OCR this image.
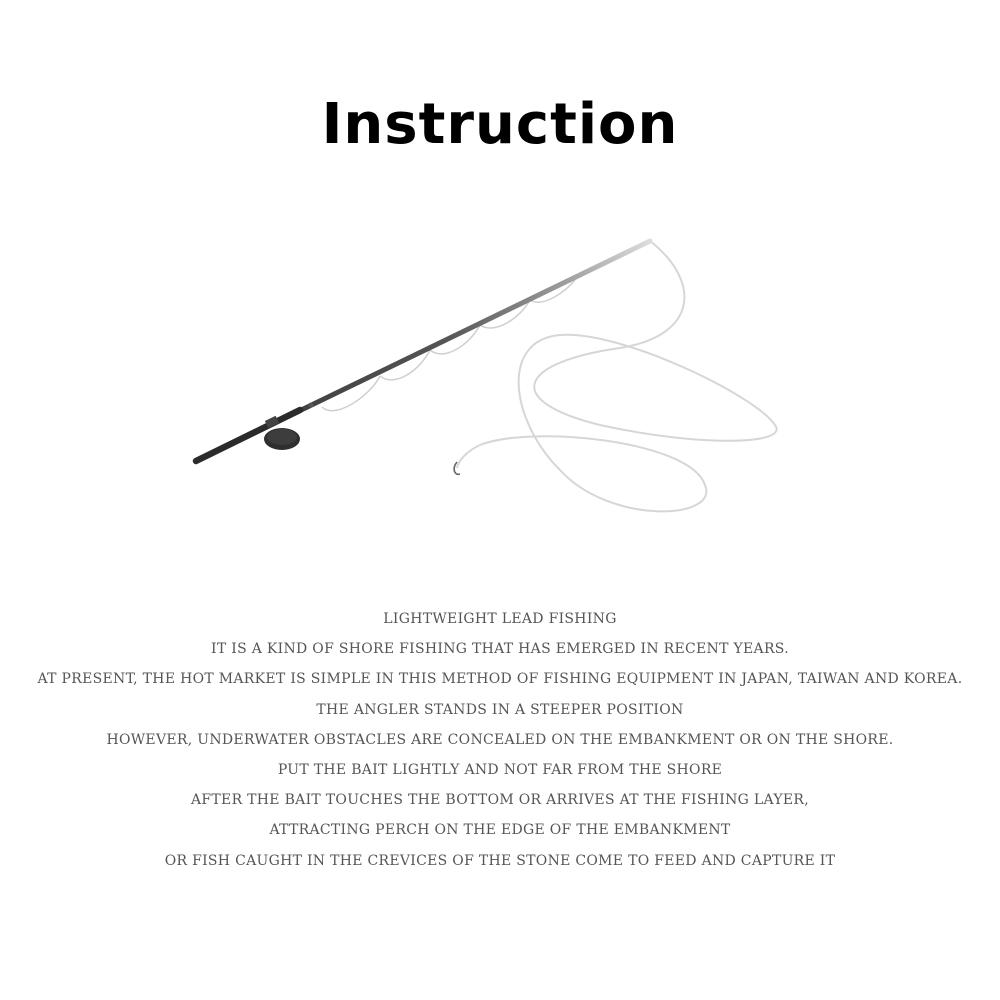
Instruction
LIGHTWEIGHT LEAD FISHING
IT IS A KIND OF SHORE FISHING THAT HAS EMERGED IN RECENT YEARS.
AT PRESENT, THE HOT MARKET IS SIMPLE IN THIS METHOD OF FISHING EQUIPMENT IN JAPAN, TAIWAN AND KOREA.
THE ANGLER STANDS IN A STEEPER POSITION
HOWEVER, UNDERWATER OBSTACLES ARE CONCEALED ON THE EMBANKMENT OR ON THE SHORE.
PUT THE BAIT LIGHTLY AND NOT FAR FROM THE SHORE
AFTER THE BAIT TOUCHES THE BOTTOM OR ARRIVES AT THE FISHING LAYER,
ATTRACTING PERCH ON THE EDGE OF THE EMBANKMENT
OR FISH CAUGHT IN THE CREVICES OF THE STONE COME TO FEED AND CAPTURE IT
